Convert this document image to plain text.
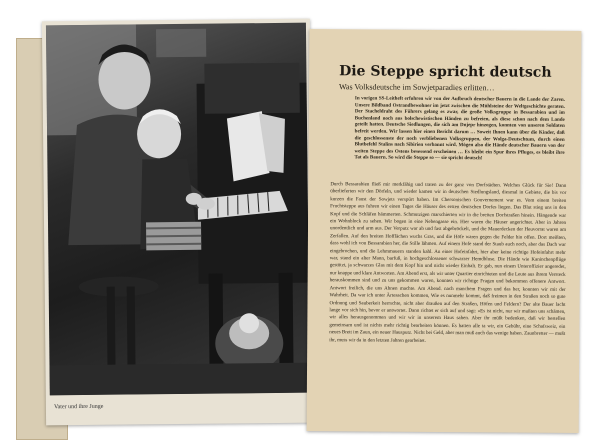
Vater und ihre Junge
Die Steppe spricht deutsch
Was Volksdeutsche im Sowjetparadies erlitten…

In vorigen SS-Leitheft erfuhren wir von der Aufbruch deutscher Bauern in die Lande der Zaren. Unsere Bildband Ostrandbewohner im jetzt zwischen die Mühlsteine der Weltgeschichte geraten. Der Stacheldraht des Führers gelang es zwar, die große Volksgruppe in Bessarabien und im Buchenland noch aus bolschewistischen Händen zu befreien, als diese schon nach dem Lande geteilt hatten. Deutsche Siedlungen, die sich am Dnjepr hinzogen, konnten von unseren Soldaten befreit werden. Wir lassen hier einen Bericht darum … Soweit Ihnen kann über die Kinder, daß die geschlossenste der noch verbliebenen Volksgruppen, der Wolga-Deutschtum, durch einen Blutbefehl Stalins nach Sibirien verbannt wird. Mögen also die Hände deutscher Bauern von der weiten Steppe des Ostens besessend erscheinen … Es bleibt ein Spur ihres Pfluges, es bleibt ihre Tat als Bauern. So wird die Steppe so — sie spricht deutsch!

Durch Bessarabien fließ mir merkfähig und traten zu der ganz von Dorfstädten. Welches Glück für Sie! Dann überlieferten wir den Dörfeln, und wieder kamen wir in deutschen Siedlungsland, diesmal in Gebiete, die bis vor kurzen die Faust der Sowjets verspürt haben. Im Chersonischen Gouvernement war es. Vom einem breiten Fruchtsteppe aus fuhren wir einen Tages die Häuser des ersten deutschen Dorfes liegen. Das Blut stieg uns in den Kopf und die Schläfen hämmerten. Schmutzigen marschierten wir in die breiten Dorfstraßen hinein. Hängende war ein Wohnblock zu sehen. Wir bogen in eine Nebengasse ein. Hier waren die Häuser angerichtet. Aber in Jahren unordentlich und arm aus. Der Verputz war ab und fast abgebröckelt, und die Mauerdecken der Heuvorrat waren am Zerfallen. Auf den breiten Hofflächen wuchs Gras, und die Höfe waren gegen die Felder hin offen. Dort meißten, dass wohl ich von Bessarabien her, die Stille lähmen. Auf einem Hofe stand der Staub auch noch, aber das Dach war eingebrochen, und die Lehmmauern standen kahl. An einer Hofeinfahrt, hier aber keine richtige Hofeinfahrt mehr war, stand ein alter Mann, barfuß, in hochgeschlossener schwarzer Hemdbluse. Die Hände wie Kaninchenpflüge gestützt, ja schwarzes Glas mit dem Kopf hin und nicht wieder Einhalt. Er gab, nun einem Unteroffizier angeredet, nur knappe und klare Antworten. Am Abend erst, als wir unter Quartier einrichteten und die Leute aus ihrem Versteck herauskommen sind und zu uns gekommen waren, konnten wir richtige Fragen und bekommen offenere Antwort. Antwort freilich, die uns Ahnen machte. Am Abend. nach manchem Fragen und das her, konnten wir mit der Wahrheit. Da war ich unter Ärtesachen kommen, Wie es nunmehr kommt, daß freimen in den Straßen noch so gute Ordnung und Sauberkeit herrschte, nicht aber draußen auf den Straßen, Höfen und Feldern? Der alte Bauer lacht lange vor sich hin, bevor er antwortet. Dann richtet er sich auf und sagt: »Es ist nicht, nur wir mußten uns schämen, wir alles herausgenommen und wir wir in unserem Haus sahen. Aber ihr müßt bedenken, daß wir bestellen gemeinsam und ist nichts mehr richtig bearbeiten können. Es hatten alle ta wir, ein Gebühr, eine Schafsweiz, ein neues Brett im Zaun, ein neuer Hausputz. Nicht bei Geld, aber man muß auch das wenige haben. Zaunbretter — mußt ihr, muss wir da in den letzten Jahren gearbeitet.
